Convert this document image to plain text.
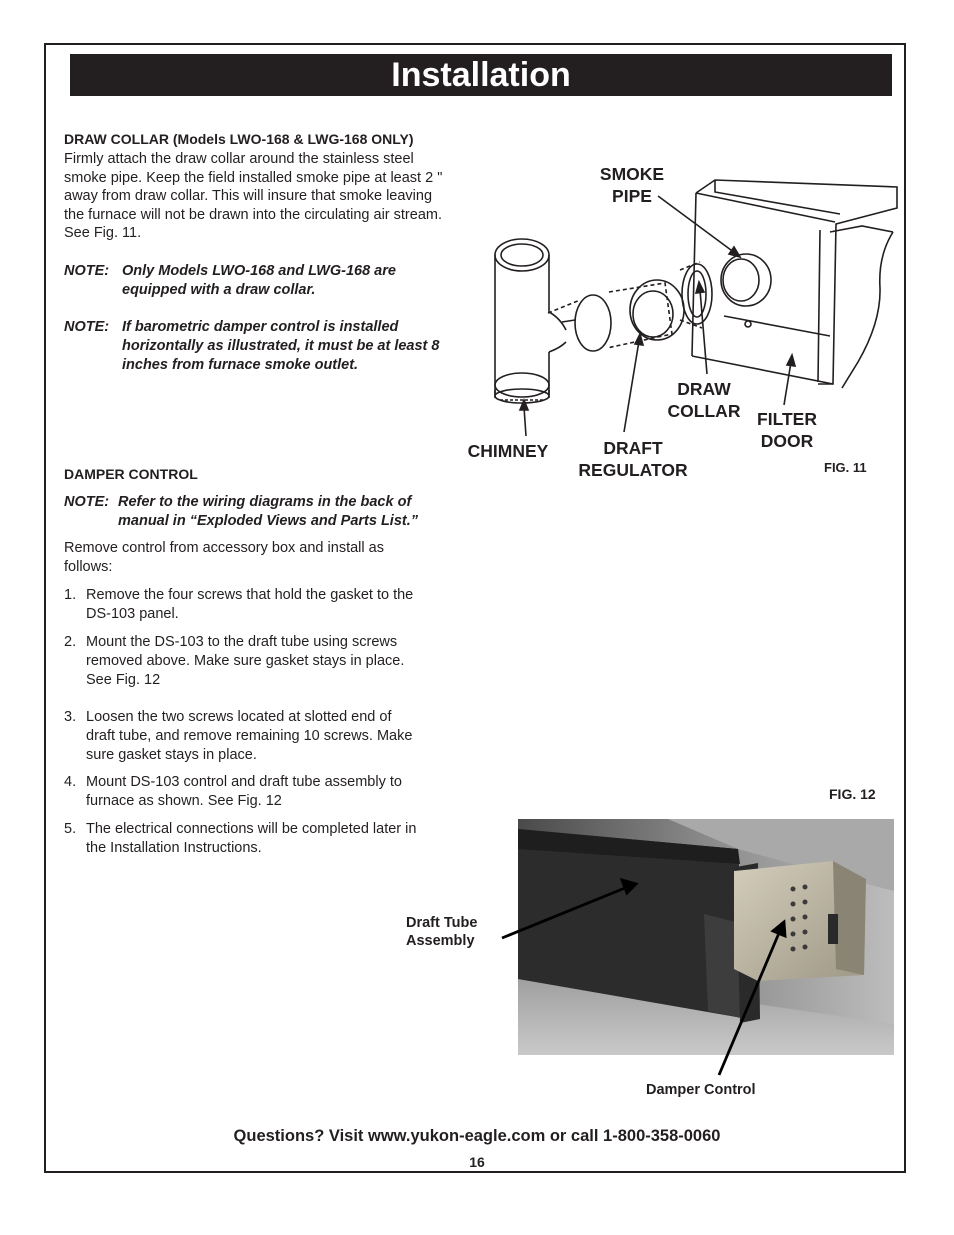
Installation
DRAW COLLAR (Models LWO-168 & LWG-168 ONLY)
Firmly attach the draw collar around the stainless steel
smoke pipe. Keep the field installed smoke pipe at least 2 "
away from draw collar. This will insure that smoke leaving
the furnace will not be drawn into the circulating air stream.
See Fig. 11.
NOTE: Only Models LWO-168 and LWG-168 are
equipped with a draw collar.
NOTE: If barometric damper control is installed
horizontally as illustrated, it must be at least 8
inches from furnace smoke outlet.
DAMPER CONTROL
NOTE: Refer to the wiring diagrams in the back of
manual in “Exploded Views and Parts List.”
Remove control from accessory box and install as
follows:
1. Remove the four screws that hold the gasket to the
DS-103 panel.
2. Mount the DS-103 to the draft tube using screws
removed above. Make sure gasket stays in place.
See Fig. 12
3. Loosen the two screws located at slotted end of
draft tube, and remove remaining 10 screws. Make
sure gasket stays in place.
4. Mount DS-103 control and draft tube assembly to
furnace as shown. See Fig. 12
5. The electrical connections will be completed later in
the Installation Instructions.
SMOKE
PIPE
DRAW
COLLAR FILTER
DOOR
CHIMNEY	DRAFT
REGULATOR	FIG. 11
FIG. 12
Draft Tube
Assembly
Damper Control
Questions? Visit www.yukon-eagle.com or call 1-800-358-0060
16
